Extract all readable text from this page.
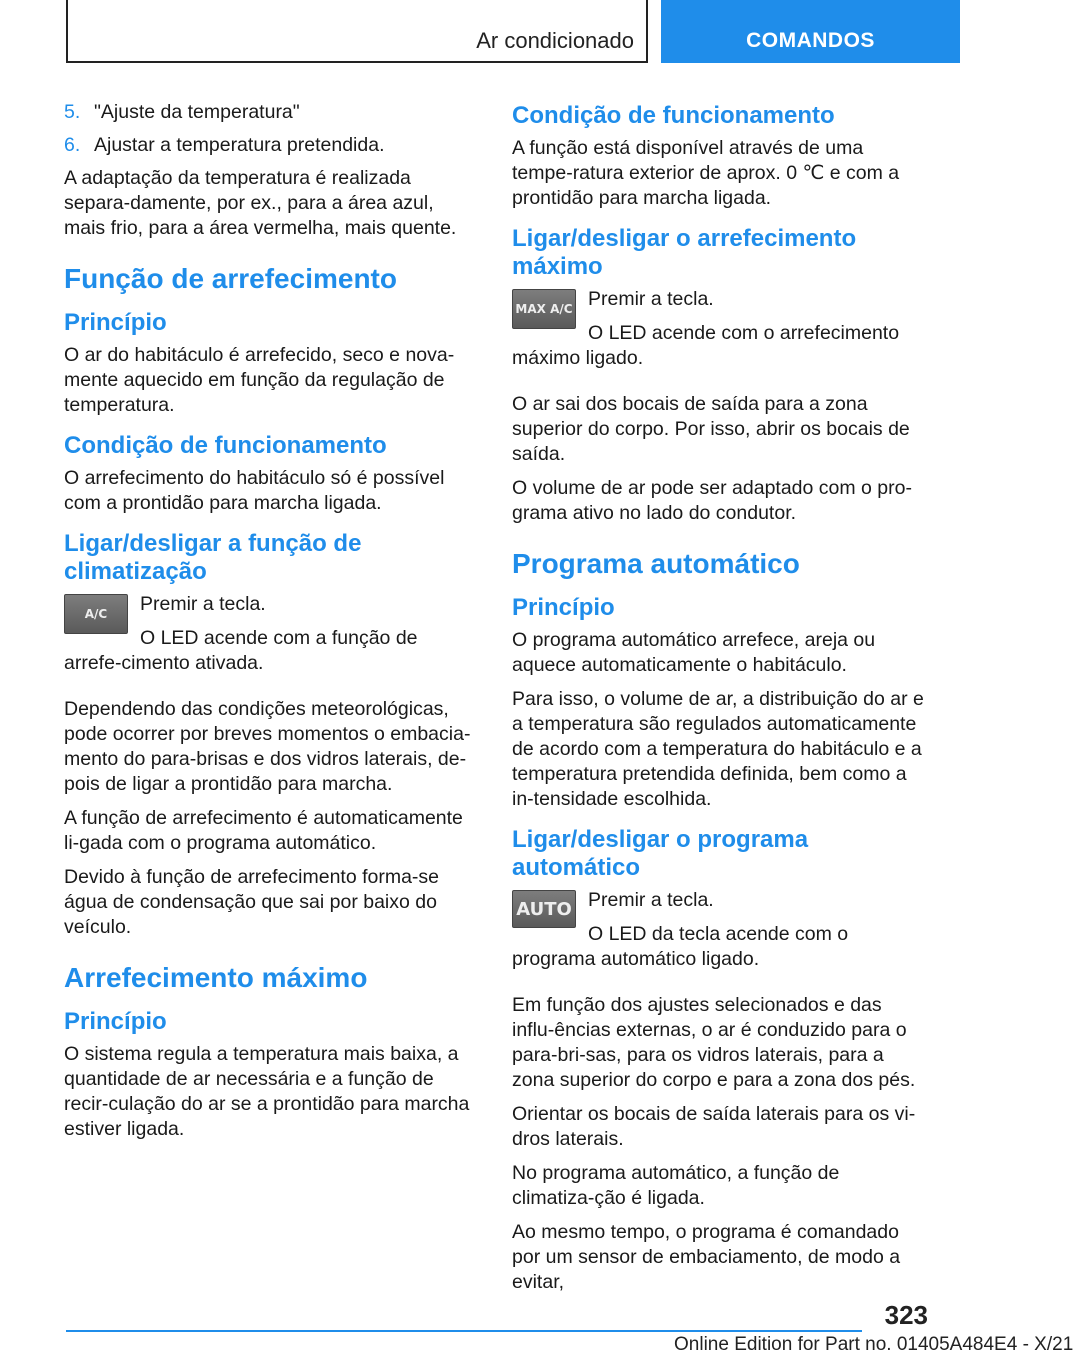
Ar condicionado	COMANDOS
5. "Ajuste da temperatura"
6. Ajustar a temperatura pretendida.

A adaptação da temperatura é realizada separa-damente, por ex., para a área azul, mais frio, para a área vermelha, mais quente.

Função de arrefecimento
Princípio

O ar do habitáculo é arrefecido, seco e nova-mente aquecido em função da regulação de temperatura.

Condição de funcionamento

O arrefecimento do habitáculo só é possível com a prontidão para marcha ligada.

Ligar/desligar a função de climatização
A/C	Premir a tecla.

O LED acende com a função de arrefe-cimento ativada.

Dependendo das condições meteorológicas, pode ocorrer por breves momentos o embacia-mento do para-brisas e dos vidros laterais, de-pois de ligar a prontidão para marcha.

A função de arrefecimento é automaticamente li-gada com o programa automático.

Devido à função de arrefecimento forma-se água de condensação que sai por baixo do veículo.

Arrefecimento máximo
Princípio

O sistema regula a temperatura mais baixa, a quantidade de ar necessária e a função de recir-culação do ar se a prontidão para marcha estiver ligada.

Condição de funcionamento

A função está disponível através de uma tempe-ratura exterior de aprox. 0 ℃ e com a prontidão para marcha ligada.

Ligar/desligar o arrefecimento máximo
MAX A/C Premir a tecla.

O LED acende com o arrefecimento máximo ligado.

O ar sai dos bocais de saída para a zona superior do corpo. Por isso, abrir os bocais de saída.

O volume de ar pode ser adaptado com o pro-grama ativo no lado do condutor.

Programa automático
Princípio

O programa automático arrefece, areja ou aquece automaticamente o habitáculo.

Para isso, o volume de ar, a distribuição do ar e a temperatura são regulados automaticamente de acordo com a temperatura do habitáculo e a temperatura pretendida definida, bem como a in-tensidade escolhida.

Ligar/desligar o programa automático
AUTO Premir a tecla.

O LED da tecla acende com o programa automático ligado.

Em função dos ajustes selecionados e das influ-ências externas, o ar é conduzido para o para-bri-sas, para os vidros laterais, para a zona superior do corpo e para a zona dos pés.

Orientar os bocais de saída laterais para os vi-dros laterais.

No programa automático, a função de climatiza-ção é ligada.

Ao mesmo tempo, o programa é comandado por um sensor de embaciamento, de modo a evitar,

323
Online Edition for Part no. 01405A484E4 - X/21
